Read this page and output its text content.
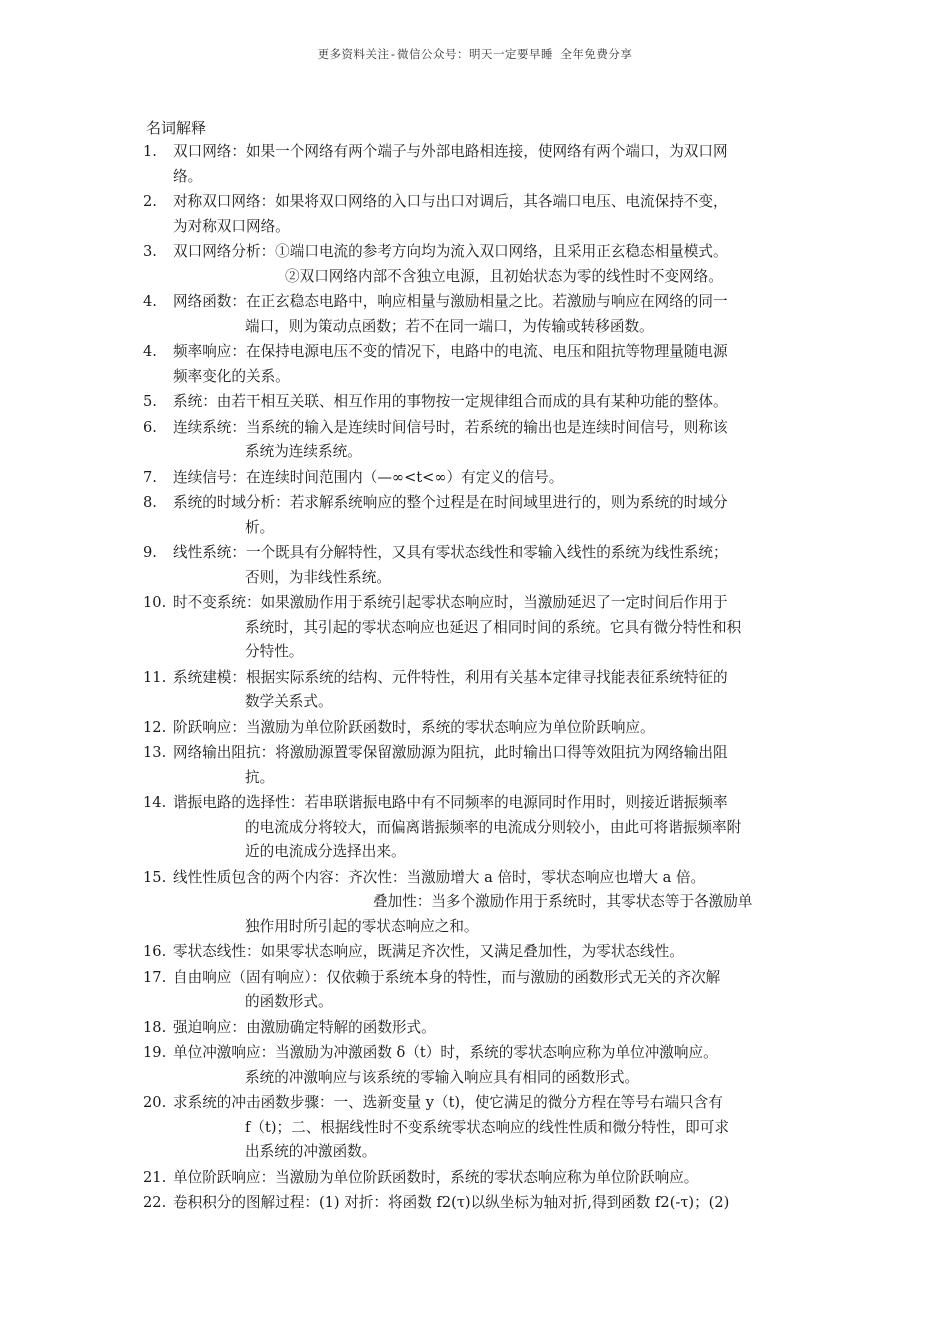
更多资料关注-微信公众号：明天一定要早睡 全年免费分享
名词解释
1. 双口网络：如果一个网络有两个端子与外部电路相连接，使网络有两个端口，为双口网
络。
2. 对称双口网络：如果将双口网络的入口与出口对调后，其各端口电压、电流保持不变，
为对称双口网络。
3. 双口网络分析：①端口电流的参考方向均为流入双口网络，且采用正玄稳态相量模式。
②双口网络内部不含独立电源，且初始状态为零的线性时不变网络。
4. 网络函数：在正玄稳态电路中，响应相量与激励相量之比。若激励与响应在网络的同一
端口，则为策动点函数；若不在同一端口，为传输或转移函数。
4. 频率响应：在保持电源电压不变的情况下，电路中的电流、电压和阻抗等物理量随电源
频率变化的关系。
5. 系统：由若干相互关联、相互作用的事物按一定规律组合而成的具有某种功能的整体。
6. 连续系统：当系统的输入是连续时间信号时，若系统的输出也是连续时间信号，则称该
系统为连续系统。
7. 连续信号：在连续时间范围内（—∞<t<∞）有定义的信号。
8. 系统的时域分析：若求解系统响应的整个过程是在时间域里进行的，则为系统的时域分
析。
9. 线性系统：一个既具有分解特性，又具有零状态线性和零输入线性的系统为线性系统；
否则，为非线性系统。
10. 时不变系统：如果激励作用于系统引起零状态响应时，当激励延迟了一定时间后作用于
系统时，其引起的零状态响应也延迟了相同时间的系统。它具有微分特性和积
分特性。
11. 系统建模：根据实际系统的结构、元件特性，利用有关基本定律寻找能表征系统特征的
数学关系式。
12. 阶跃响应：当激励为单位阶跃函数时，系统的零状态响应为单位阶跃响应。
13. 网络输出阻抗：将激励源置零保留激励源为阻抗，此时输出口得等效阻抗为网络输出阻
抗。
14. 谐振电路的选择性：若串联谐振电路中有不同频率的电源同时作用时，则接近谐振频率
的电流成分将较大，而偏离谐振频率的电流成分则较小，由此可将谐振频率附
近的电流成分选择出来。
15. 线性性质包含的两个内容：齐次性：当激励增大 a 倍时，零状态响应也增大 a 倍。
叠加性：当多个激励作用于系统时，其零状态等于各激励单
独作用时所引起的零状态响应之和。
16. 零状态线性：如果零状态响应，既满足齐次性，又满足叠加性，为零状态线性。
17. 自由响应（固有响应）：仅依赖于系统本身的特性，而与激励的函数形式无关的齐次解
的函数形式。
18. 强迫响应：由激励确定特解的函数形式。
19. 单位冲激响应：当激励为冲激函数 δ（t）时，系统的零状态响应称为单位冲激响应。
系统的冲激响应与该系统的零输入响应具有相同的函数形式。
20. 求系统的冲击函数步骤：一、选新变量 y（t)，使它满足的微分方程在等号右端只含有
f（t)；二、根据线性时不变系统零状态响应的线性性质和微分特性，即可求
出系统的冲激函数。
21. 单位阶跃响应：当激励为单位阶跃函数时，系统的零状态响应称为单位阶跃响应。
22. 卷积积分的图解过程：(1) 对折：将函数 f2(τ)以纵坐标为轴对折,得到函数 f2(-τ)；(2)
